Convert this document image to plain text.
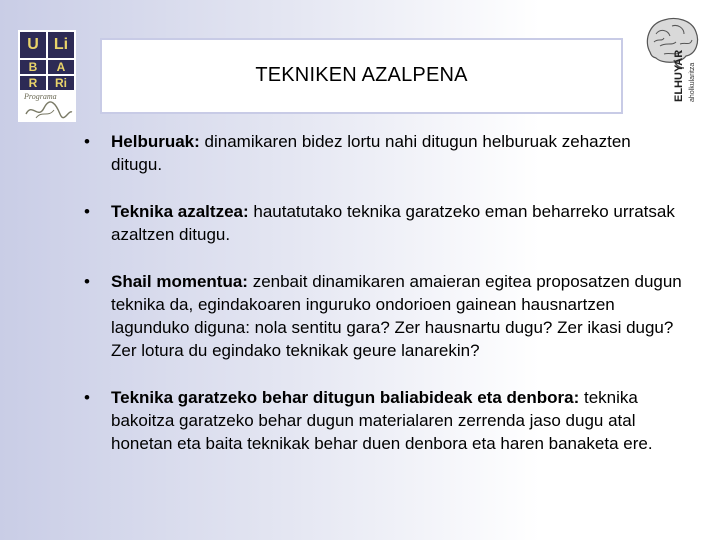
U Li
B	A
R	Ri
Programa
TEKNIKEN AZALPENA	ELHUYAR aholkularitza
• Helburuak: dinamikaren bidez lortu nahi ditugun helburuak zehazten ditugu.
• Teknika azaltzea: hautatutako teknika garatzeko eman beharreko urratsak azaltzen ditugu.
• Shail momentua: zenbait dinamikaren amaieran egitea proposatzen dugun teknika da, egindakoaren inguruko ondorioen gainean hausnartzen lagunduko diguna: nola sentitu gara? Zer hausnartu dugu? Zer ikasi dugu? Zer lotura du egindako teknikak geure lanarekin?
• Teknika garatzeko behar ditugun baliabideak eta denbora: teknika bakoitza garatzeko behar dugun materialaren zerrenda jaso dugu atal honetan eta baita teknikak behar duen denbora eta haren banaketa ere.
